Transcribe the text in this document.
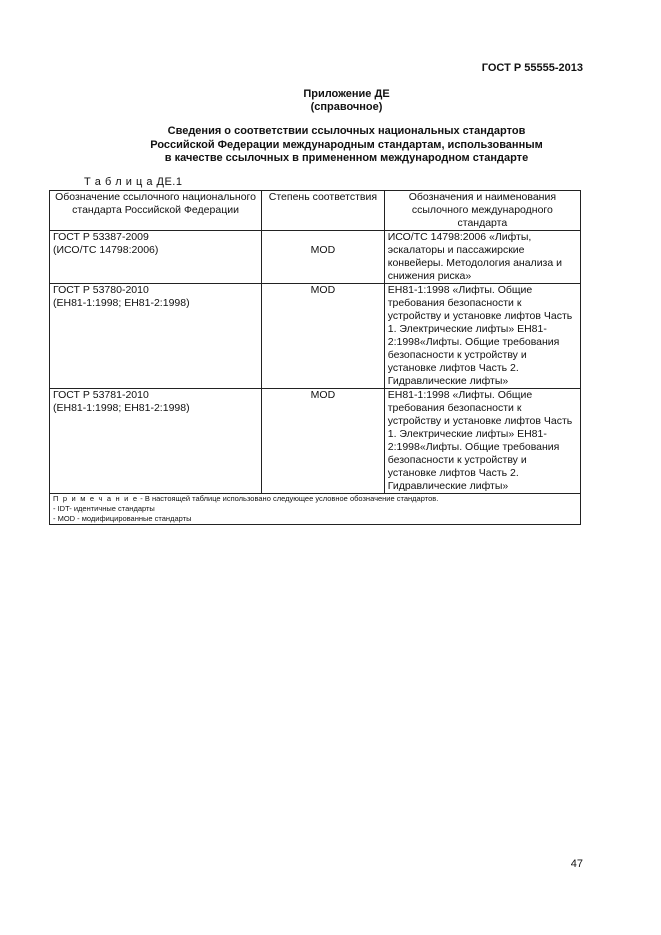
ГОСТ Р 55555-2013
Приложение ДЕ
(справочное)
Сведения о соответствии ссылочных национальных стандартов
Российской Федерации международным стандартам, использованным
в качестве ссылочных в примененном международном стандарте
Т а б л и ц а ДЕ.1
Обозначение ссылочного национального стандарта Российской Федерации	Степень соответствия	Обозначения и наименования ссылочного международного стандарта

ГОСТ Р 53387-2009
(ИСО/ТС 14798:2006)	MOD	ИСО/ТС 14798:2006 «Лифты, эскалаторы и пассажирские конвейеры. Методология анализа и снижения риска»

ГОСТ Р 53780-2010
(ЕН81-1:1998; ЕН81-2:1998)	MOD	ЕН81-1:1998 «Лифты. Общие требования безопасности к устройству и установке лифтов Часть 1. Электрические лифты» ЕН81-2:1998«Лифты. Общие требования безопасности к устройству и установке лифтов Часть 2. Гидравлические лифты»

ГОСТ Р 53781-2010
(ЕН81-1:1998; ЕН81-2:1998)	MOD	ЕН81-1:1998 «Лифты. Общие требования безопасности к устройству и установке лифтов Часть 1. Электрические лифты» ЕН81-2:1998«Лифты. Общие требования безопасности к устройству и установке лифтов Часть 2. Гидравлические лифты»

П р и м е ч а н и е - В настоящей таблице использовано следующее условное обозначение стандартов.
- IDT- идентичные стандарты
- MOD - модифицированные стандарты		
47
